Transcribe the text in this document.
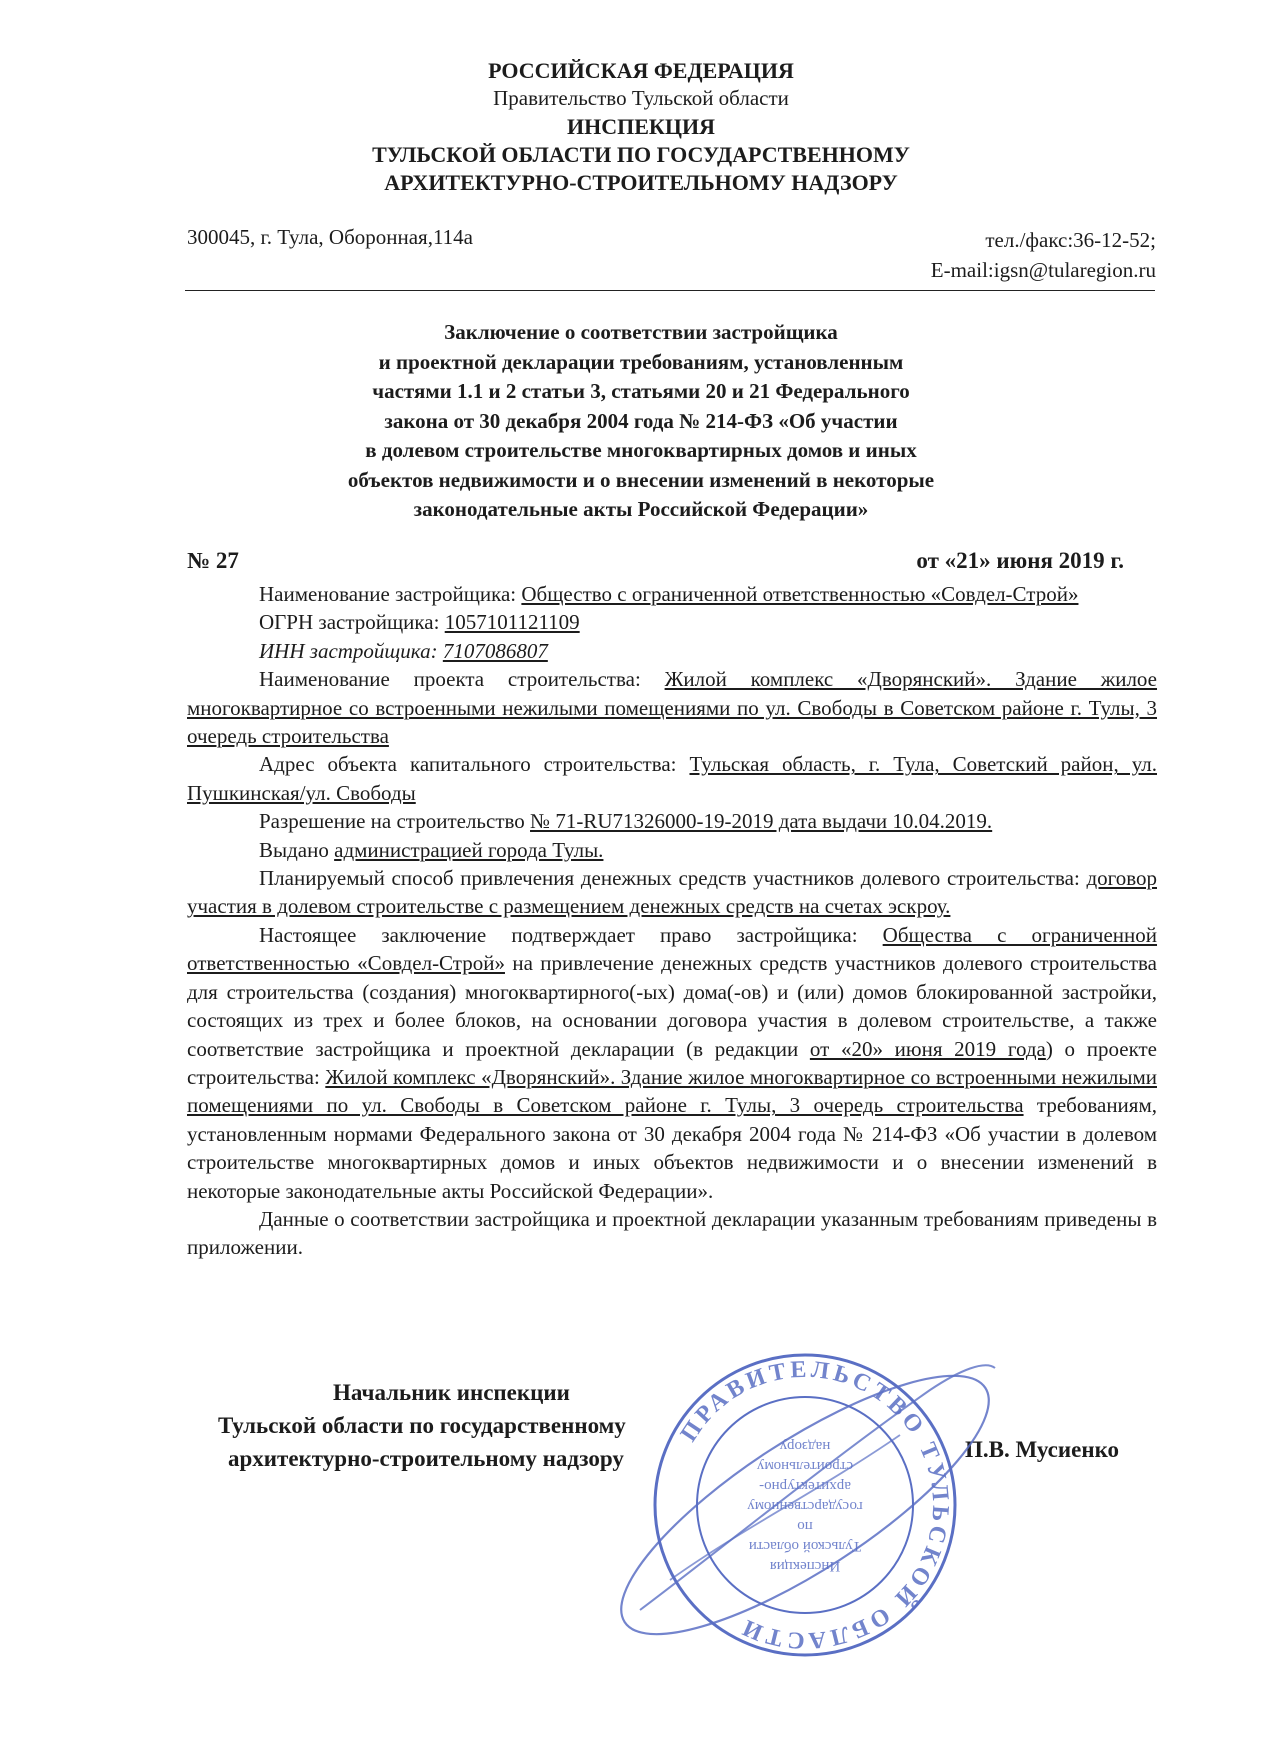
РОССИЙСКАЯ ФЕДЕРАЦИЯ
Правительство Тульской области
ИНСПЕКЦИЯ
ТУЛЬСКОЙ ОБЛАСТИ ПО ГОСУДАРСТВЕННОМУ
АРХИТЕКТУРНО-СТРОИТЕЛЬНОМУ НАДЗОРУ
300045, г. Тула, Оборонная,114а	тел./факс:36-12-52;
E-mail:igsn@tularegion.ru
Заключение о соответствии застройщика
и проектной декларации требованиям, установленным
частями 1.1 и 2 статьи 3, статьями 20 и 21 Федерального
закона от 30 декабря 2004 года № 214-ФЗ «Об участии
в долевом строительстве многоквартирных домов и иных
объектов недвижимости и о внесении изменений в некоторые
законодательные акты Российской Федерации»
№ 27	от «21» июня 2019 г.

Наименование застройщика: Общество с ограниченной ответственностью «Совдел-Строй»

ОГРН застройщика: 1057101121109

ИНН застройщика: 7107086807

Наименование проекта строительства: Жилой комплекс «Дворянский». Здание жилое многоквартирное со встроенными нежилыми помещениями по ул. Свободы в Советском районе г. Тулы, 3 очередь строительства

Адрес объекта капитального строительства: Тульская область, г. Тула, Советский район, ул. Пушкинская/ул. Свободы

Разрешение на строительство № 71-RU71326000-19-2019 дата выдачи 10.04.2019.

Выдано администрацией города Тулы.

Планируемый способ привлечения денежных средств участников долевого строительства: договор участия в долевом строительстве с размещением денежных средств на счетах эскроу.

Настоящее заключение подтверждает право застройщика: Общества с ограниченной ответственностью «Совдел-Строй» на привлечение денежных средств участников долевого строительства для строительства (создания) многоквартирного(-ых) дома(-ов) и (или) домов блокированной застройки, состоящих из трех и более блоков, на основании договора участия в долевом строительстве, а также соответствие застройщика и проектной декларации (в редакции от «20» июня 2019 года) о проекте строительства: Жилой комплекс «Дворянский». Здание жилое многоквартирное со встроенными нежилыми помещениями по ул. Свободы в Советском районе г. Тулы, 3 очередь строительства требованиям, установленным нормами Федерального закона от 30 декабря 2004 года № 214-ФЗ «Об участии в долевом строительстве многоквартирных домов и иных объектов недвижимости и о внесении изменений в некоторые законодательные акты Российской Федерации».

Данные о соответствии застройщика и проектной декларации указанным требованиям приведены в приложении.

Начальник инспекции
Тульской области по государственному
архитектурно-строительному надзору	П.В. Мусиенко
ПРАВИТЕЛЬСТВО ТУЛЬСКОЙ ОБЛАСТИ
Инспекция
Тульской области
по
государственному
архитектурно-
строительному
надзору
